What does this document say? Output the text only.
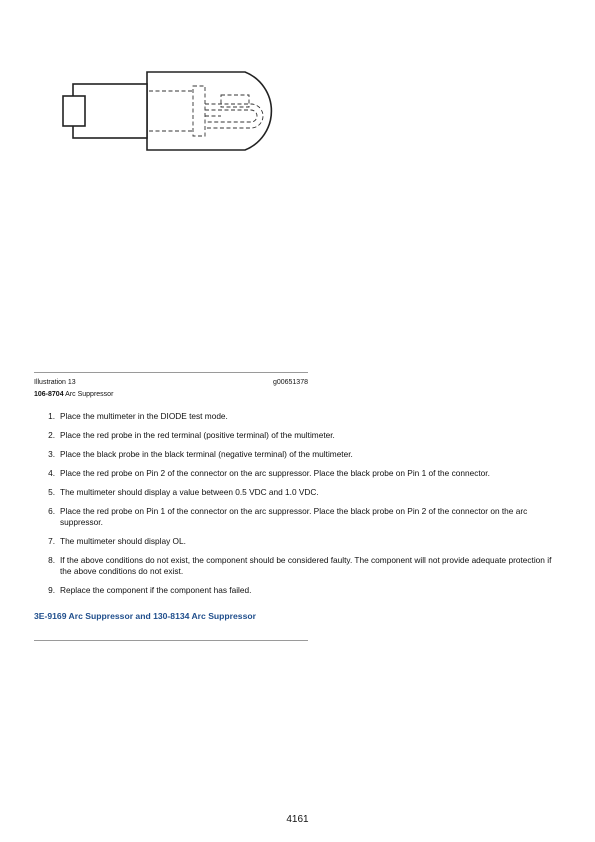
Illustration 13	g00651378
106-8704 Arc Suppressor
1. Place the multimeter in the DIODE test mode.
2. Place the red probe in the red terminal (positive terminal) of the multimeter.
3. Place the black probe in the black terminal (negative terminal) of the multimeter.
4. Place the red probe on Pin 2 of the connector on the arc suppressor. Place the black probe on Pin 1 of the connector.
5. The multimeter should display a value between 0.5 VDC and 1.0 VDC.
6. Place the red probe on Pin 1 of the connector on the arc suppressor. Place the black probe on Pin 2 of the connector on the arc suppressor.
7. The multimeter should display OL.
8. If the above conditions do not exist, the component should be considered faulty. The component will not provide adequate protection if the above conditions do not exist.
9. Replace the component if the component has failed.
3E-9169 Arc Suppressor and 130-8134 Arc Suppressor
4161
